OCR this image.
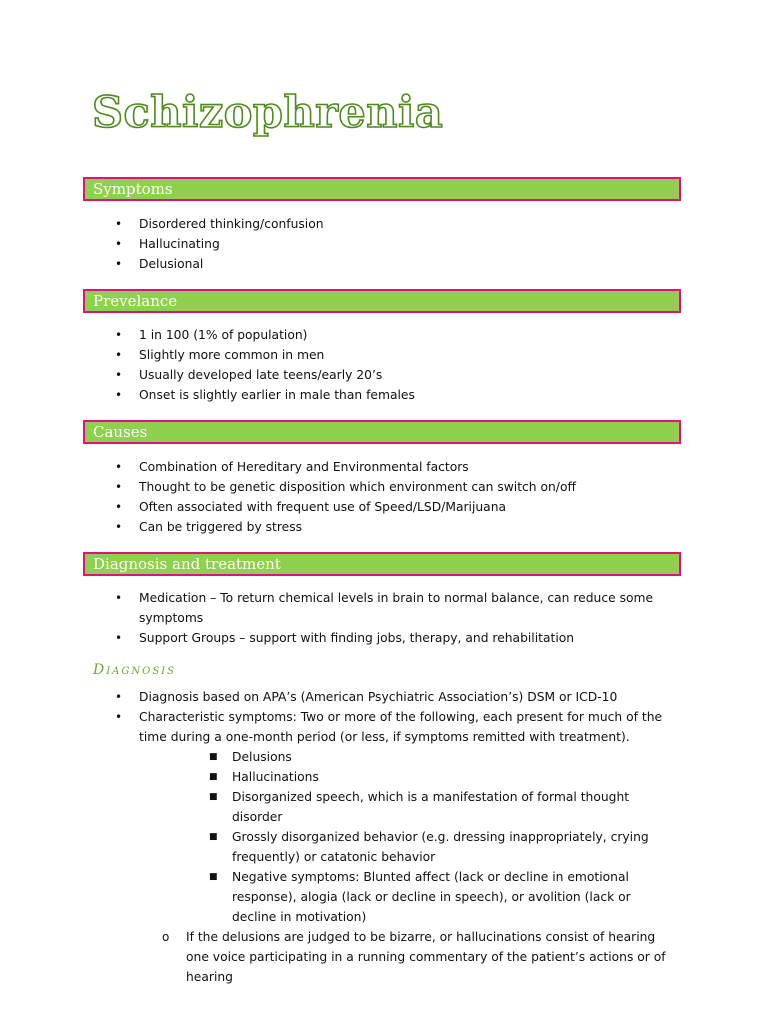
Schizophrenia
Symptoms
• Disordered thinking/confusion
• Hallucinating
• Delusional
Prevelance
• 1 in 100 (1% of population)
• Slightly more common in men
• Usually developed late teens/early 20’s
• Onset is slightly earlier in male than females
Causes
• Combination of Hereditary and Environmental factors
• Thought to be genetic disposition which environment can switch on/off
• Often associated with frequent use of Speed/LSD/Marijuana
• Can be triggered by stress
Diagnosis and treatment
• Medication – To return chemical levels in brain to normal balance, can reduce some symptoms
• Support Groups – support with finding jobs, therapy, and rehabilitation
Diagnosis
• Diagnosis based on APA’s (American Psychiatric Association’s) DSM or ICD-10
• Characteristic symptoms: Two or more of the following, each present for much of the time during a one-month period (or less, if symptoms remitted with treatment).
■ Delusions
■ Hallucinations
■ Disorganized speech, which is a manifestation of formal thought disorder
■ Grossly disorganized behavior (e.g. dressing inappropriately, crying frequently) or catatonic behavior
■ Negative symptoms: Blunted affect (lack or decline in emotional response), alogia (lack or decline in speech), or avolition (lack or decline in motivation)
o If the delusions are judged to be bizarre, or hallucinations consist of hearing one voice participating in a running commentary of the patient’s actions or of hearing
